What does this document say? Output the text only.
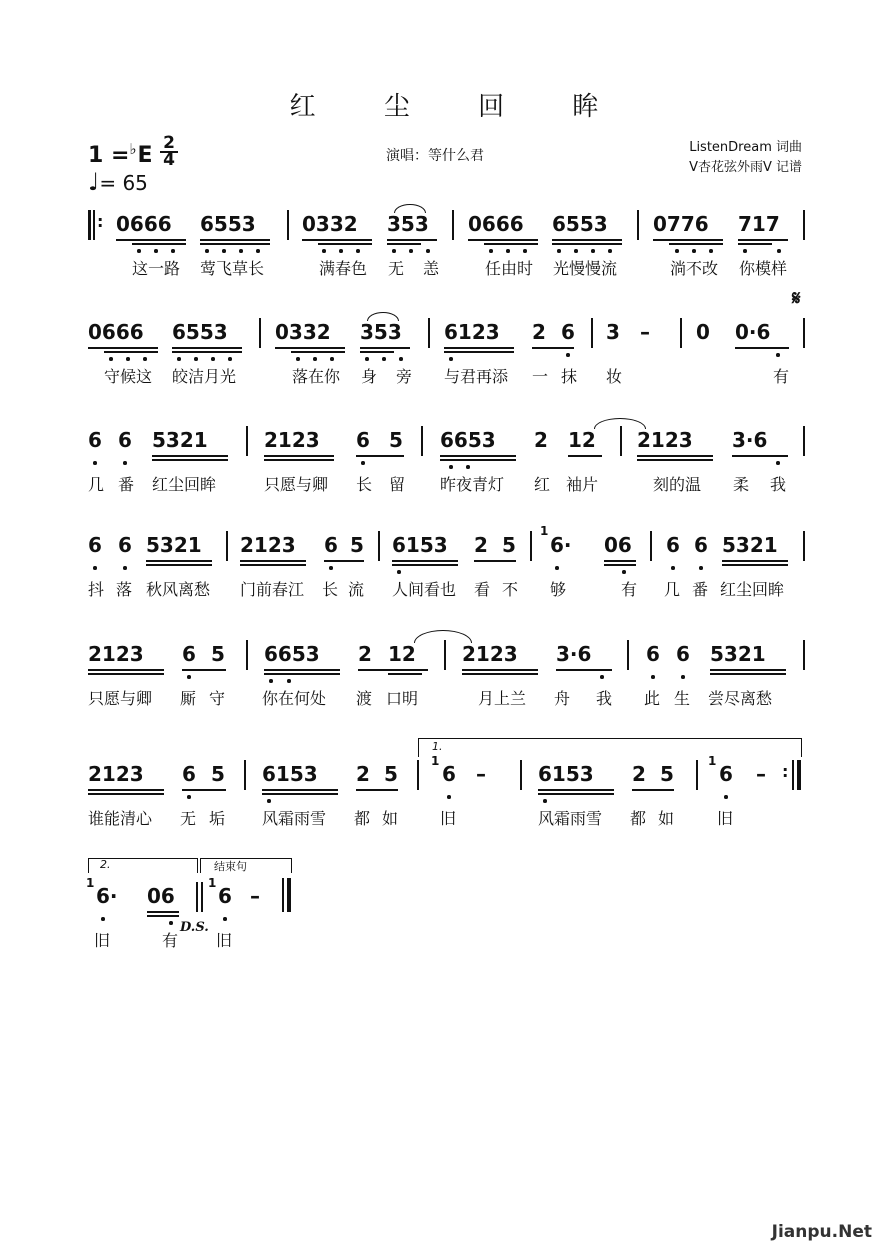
红 尘 回 眸
1 =♭E 2
4
♩= 65
演唱：等什么君
ListenDream 词曲
V杏花弦外雨V 记谱
: 0666 6553 0332 353 0666 6553 0776 717
这一路 莺飞草长	满春色 无 恙	任由时 光慢慢流	淌不改 你模样
𝄋
0666 6553 0332 353 6123 2 6 3 – 0 0·6
守候这 皎洁月光	落在你 身 旁 与君再添 一 抹 妆	有
6 6 5321	2123 6 5 6653 2 12 2123 3·6
几 番 红尘回眸	只愿与卿 长 留 昨夜青灯 红 袖片	刻的温 柔 我
6 6 5321 2123 6 5 6153 2 5
1
6· 06 6 6 5321
抖 落 秋风离愁 门前春江 长 流 人间看也 看 不 够	有 几 番 红尘回眸
2123 6 5 6653 2 12 2123 3·6	6 6 5321
只愿与卿 厮 守 你在何处 渡 口明	月上兰 舟 我 此 生 尝尽离愁
1.
2123 6 5 6153 2 5
1
6 –	6153 2 5
1
6 – :
谁能清心 无 垢 风霜雨雪 都 如	旧	风霜雨雪 都 如	旧
2.	结束句
1
6· 06
1
6 –
旧	有
D.S.
旧
Jianpu.Net
